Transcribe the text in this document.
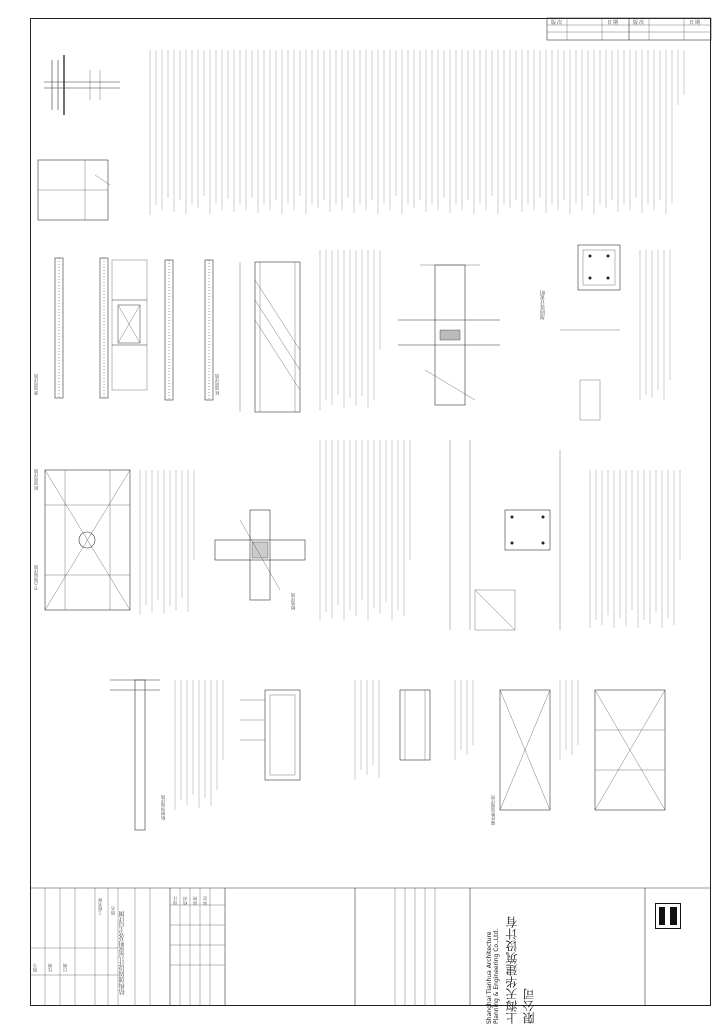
版 次	日 期	版 次	日 期
上海天华建筑设计有限公司
Shanghai Tianhua Architecture Planning & Engineering Co.,Ltd.
结构加固设计总说明及节点详图
加固设计说明
设计 校对 审核 审定
图号 比例 日期
工程名称 图名
板加固详图
梁加固详图	柱加固详图
节点加固详图
植筋详图
粘钢加固详图	碳纤维加固详图
